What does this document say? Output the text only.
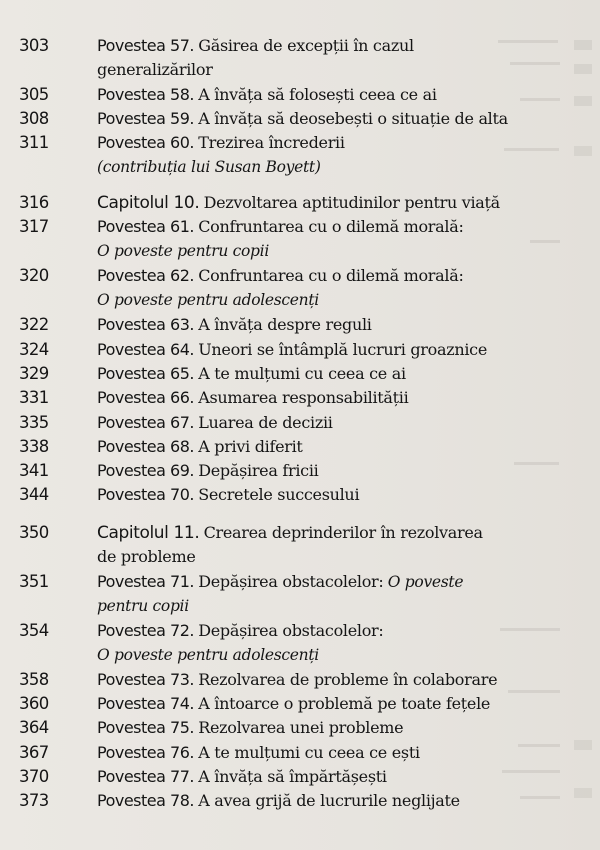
303	Povestea 57. Găsirea de excepții în cazul
generalizărilor
305	Povestea 58. A învăța să folosești ceea ce ai
308	Povestea 59. A învăța să deosebești o situație de alta
311	Povestea 60. Trezirea încrederii
(contribuția lui Susan Boyett)
316	Capitolul 10. Dezvoltarea aptitudinilor pentru viață
317	Povestea 61. Confruntarea cu o dilemă morală:
O poveste pentru copii
320	Povestea 62. Confruntarea cu o dilemă morală:
O poveste pentru adolescenți
322	Povestea 63. A învăța despre reguli
324	Povestea 64. Uneori se întâmplă lucruri groaznice
329	Povestea 65. A te mulțumi cu ceea ce ai
331	Povestea 66. Asumarea responsabilității
335	Povestea 67. Luarea de decizii
338	Povestea 68. A privi diferit
341	Povestea 69. Depășirea fricii
344	Povestea 70. Secretele succesului
350	Capitolul 11. Crearea deprinderilor în rezolvarea
de probleme
351	Povestea 71. Depășirea obstacolelor: O poveste
pentru copii
354	Povestea 72. Depășirea obstacolelor:
O poveste pentru adolescenți
358	Povestea 73. Rezolvarea de probleme în colaborare
360	Povestea 74. A întoarce o problemă pe toate fețele
364	Povestea 75. Rezolvarea unei probleme
367	Povestea 76. A te mulțumi cu ceea ce ești
370	Povestea 77. A învăța să împărtășești
373	Povestea 78. A avea grijă de lucrurile neglijate
